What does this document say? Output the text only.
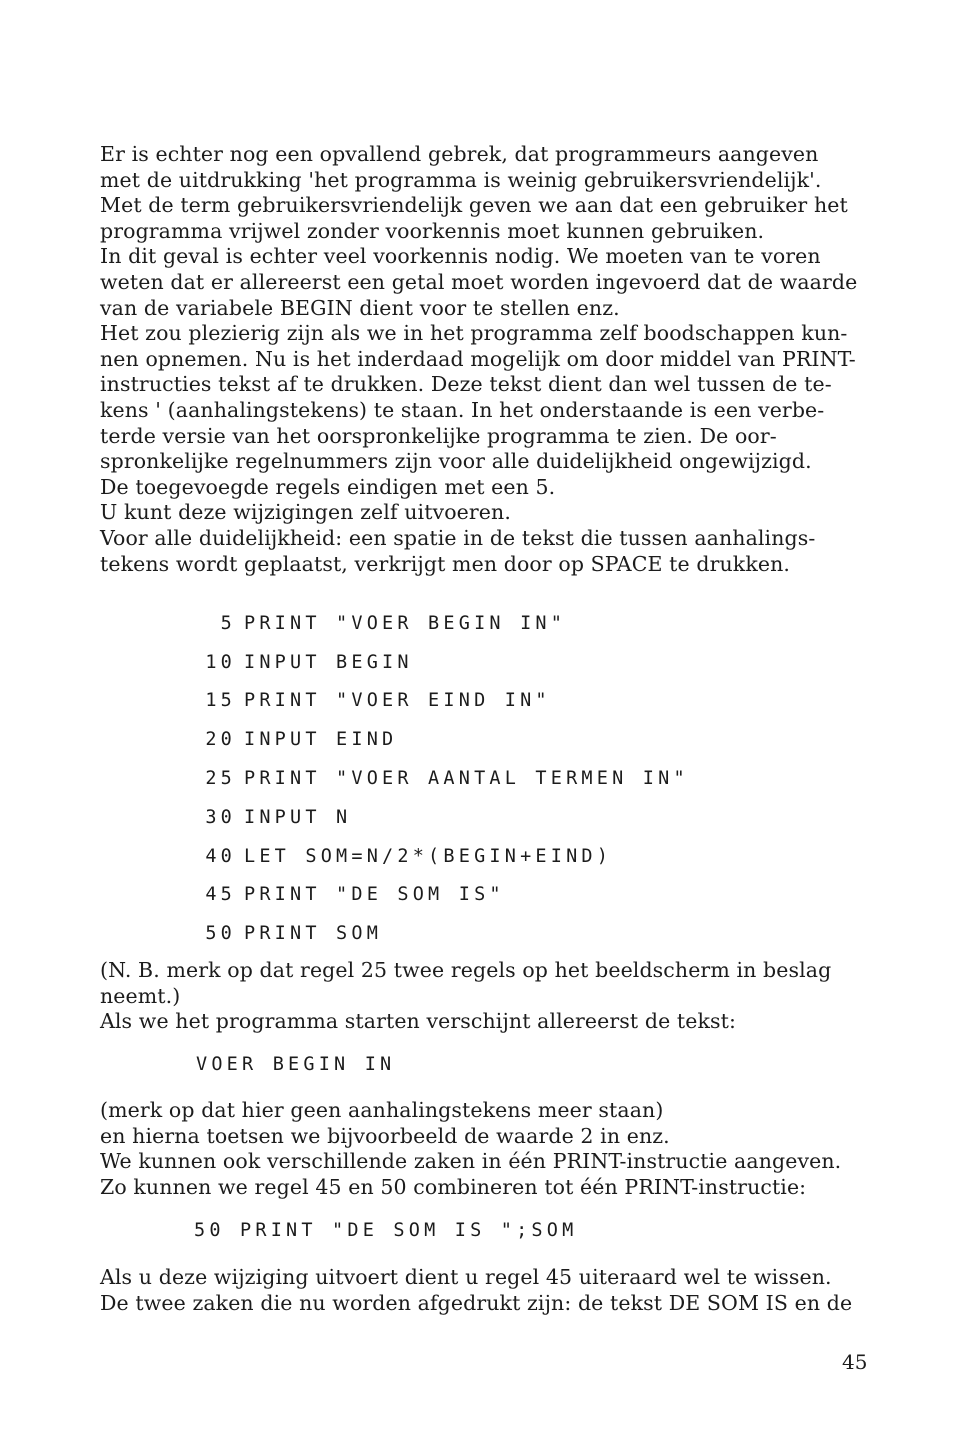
Er is echter nog een opvallend gebrek, dat programmeurs aangeven
met de uitdrukking 'het programma is weinig gebruikersvriendelijk'.
Met de term gebruikersvriendelijk geven we aan dat een gebruiker het
programma vrijwel zonder voorkennis moet kunnen gebruiken.
In dit geval is echter veel voorkennis nodig. We moeten van te voren
weten dat er allereerst een getal moet worden ingevoerd dat de waarde
van de variabele BEGIN dient voor te stellen enz.
Het zou plezierig zijn als we in het programma zelf boodschappen kun-
nen opnemen. Nu is het inderdaad mogelijk om door middel van PRINT-
instructies tekst af te drukken. Deze tekst dient dan wel tussen de te-
kens ' (aanhalingstekens) te staan. In het onderstaande is een verbe-
terde versie van het oorspronkelijke programma te zien. De oor-
spronkelijke regelnummers zijn voor alle duidelijkheid ongewijzigd.
De toegevoegde regels eindigen met een 5.
U kunt deze wijzigingen zelf uitvoeren.
Voor alle duidelijkheid: een spatie in de tekst die tussen aanhalings-
tekens wordt geplaatst, verkrijgt men door op SPACE te drukken.
5 PRINT "VOER BEGIN IN"
10 INPUT BEGIN
15 PRINT "VOER EIND IN"
20 INPUT EIND
25 PRINT "VOER AANTAL TERMEN IN"
30 INPUT N
40 LET SOM=N/2*(BEGIN+EIND)
45 PRINT "DE SOM IS"
50 PRINT SOM
(N. B. merk op dat regel 25 twee regels op het beeldscherm in beslag
neemt.)
Als we het programma starten verschijnt allereerst de tekst:
VOER BEGIN IN
(merk op dat hier geen aanhalingstekens meer staan)
en hierna toetsen we bijvoorbeeld de waarde 2 in enz.
We kunnen ook verschillende zaken in één PRINT-instructie aangeven.
Zo kunnen we regel 45 en 50 combineren tot één PRINT-instructie:
50 PRINT "DE SOM IS ";SOM
Als u deze wijziging uitvoert dient u regel 45 uiteraard wel te wissen.
De twee zaken die nu worden afgedrukt zijn: de tekst DE SOM IS en de
45
